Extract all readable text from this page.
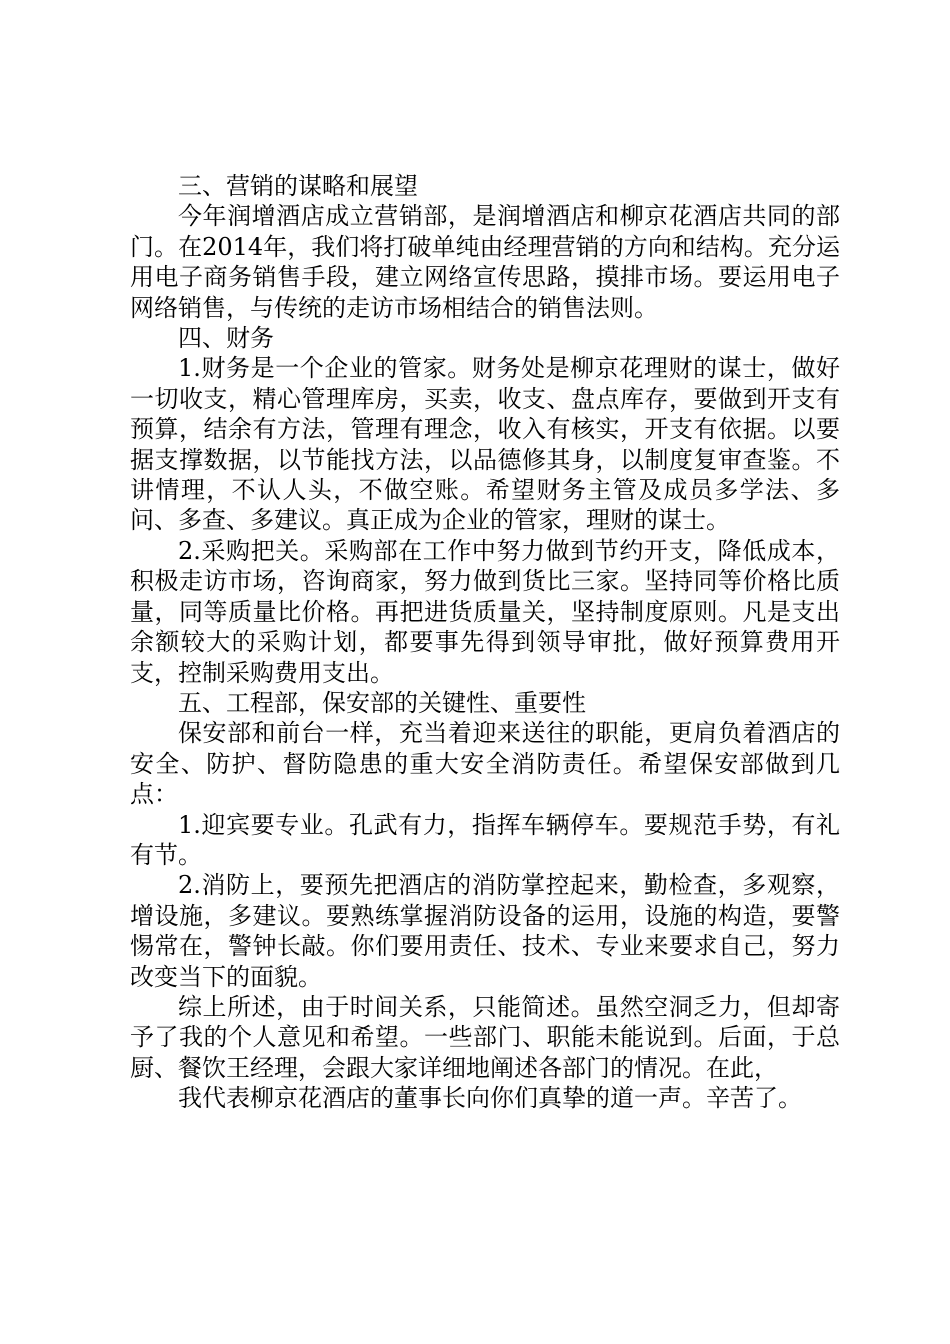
三、营销的谋略和展望

今年润增酒店成立营销部，是润增酒店和柳京花酒店共同的部门。在2014年，我们将打破单纯由经理营销的方向和结构。充分运用电子商务销售手段，建立网络宣传思路，摸排市场。要运用电子网络销售，与传统的走访市场相结合的销售法则。

四、财务

1.财务是一个企业的管家。财务处是柳京花理财的谋士，做好一切收支，精心管理库房，买卖，收支、盘点库存，要做到开支有预算，结余有方法，管理有理念，收入有核实，开支有依据。以要据支撑数据，以节能找方法，以品德修其身，以制度复审查鉴。不讲情理，不认人头，不做空账。希望财务主管及成员多学法、多问、多查、多建议。真正成为企业的管家，理财的谋士。

2.采购把关。采购部在工作中努力做到节约开支，降低成本，积极走访市场，咨询商家，努力做到货比三家。坚持同等价格比质量，同等质量比价格。再把进货质量关，坚持制度原则。凡是支出余额较大的采购计划，都要事先得到领导审批，做好预算费用开支，控制采购费用支出。

五、工程部，保安部的关键性、重要性

保安部和前台一样，充当着迎来送往的职能，更肩负着酒店的安全、防护、督防隐患的重大安全消防责任。希望保安部做到几点：

1.迎宾要专业。孔武有力，指挥车辆停车。要规范手势，有礼有节。

2.消防上，要预先把酒店的消防掌控起来，勤检查，多观察，增设施，多建议。要熟练掌握消防设备的运用，设施的构造，要警惕常在，警钟长敲。你们要用责任、技术、专业来要求自己，努力改变当下的面貌。

综上所述，由于时间关系，只能简述。虽然空洞乏力，但却寄予了我的个人意见和希望。一些部门、职能未能说到。后面，于总厨、餐饮王经理，会跟大家详细地阐述各部门的情况。在此，

我代表柳京花酒店的董事长向你们真挚的道一声。辛苦了。
